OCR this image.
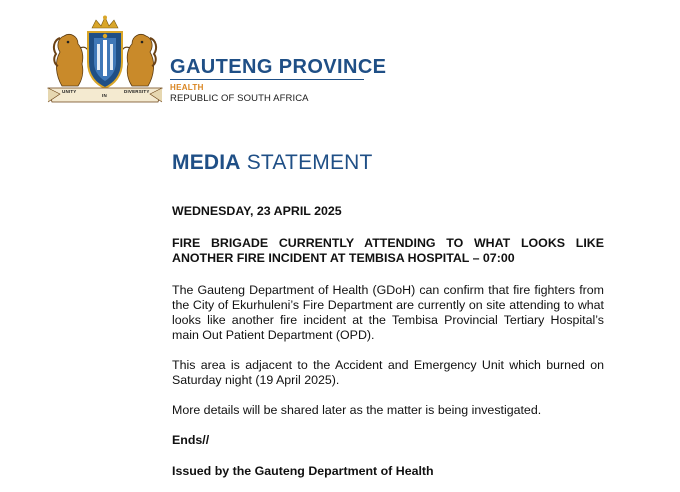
UNITY
IN
DIVERSITY
GAUTENG PROVINCE
HEALTH
REPUBLIC OF SOUTH AFRICA
MEDIA STATEMENT

WEDNESDAY, 23 APRIL 2025

FIRE BRIGADE CURRENTLY ATTENDING TO WHAT LOOKS LIKE ANOTHER FIRE INCIDENT AT TEMBISA HOSPITAL – 07:00

The Gauteng Department of Health (GDoH) can confirm that fire fighters from the City of Ekurhuleni’s Fire Department are currently on site attending to what looks like another fire incident at the Tembisa Provincial Tertiary Hospital’s main Out Patient Department (OPD).

This area is adjacent to the Accident and Emergency Unit which burned on Saturday night (19 April 2025).

More details will be shared later as the matter is being investigated.

Ends//

Issued by the Gauteng Department of Health
